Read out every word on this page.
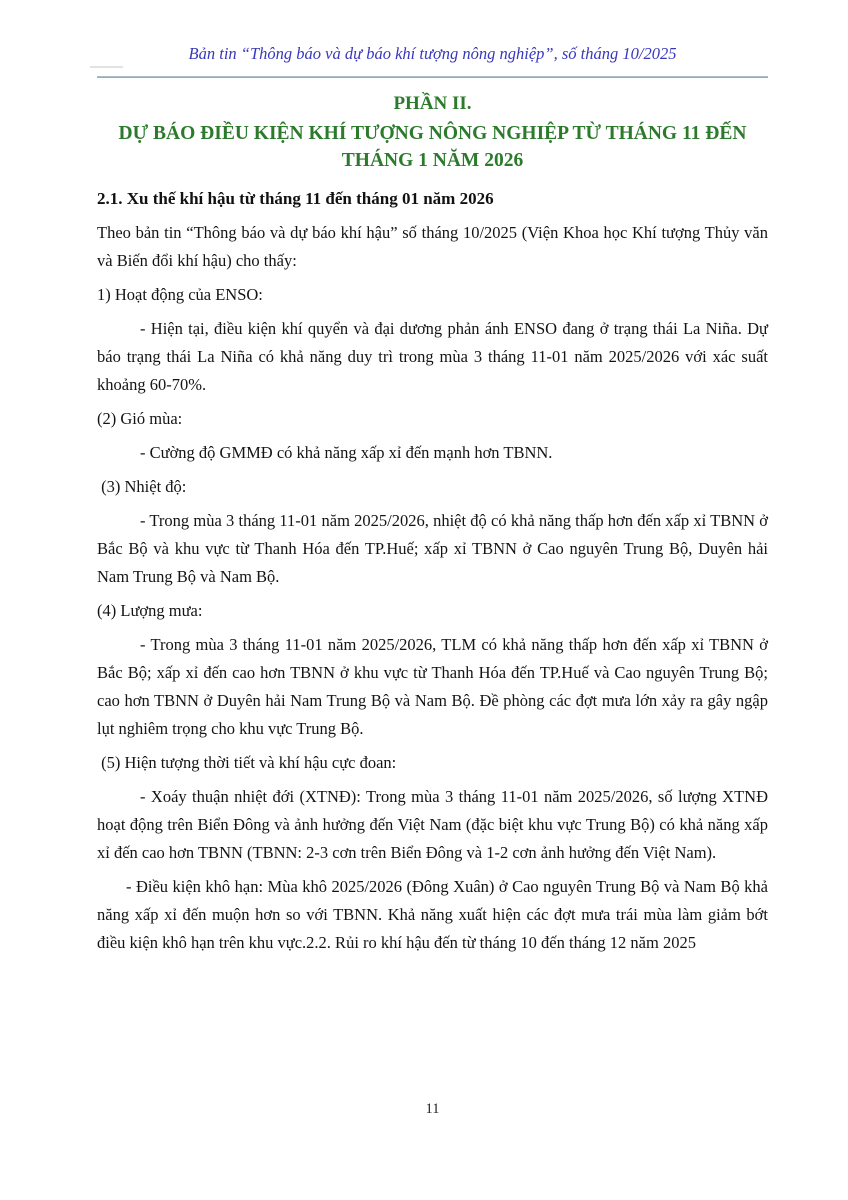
Bản tin “Thông báo và dự báo khí tượng nông nghiệp”, số tháng 10/2025
PHẦN II.
DỰ BÁO ĐIỀU KIỆN KHÍ TƯỢNG NÔNG NGHIỆP TỪ THÁNG 11 ĐẾN THÁNG 1 NĂM 2026
2.1. Xu thế khí hậu từ tháng 11 đến tháng 01 năm 2026

Theo bản tin “Thông báo và dự báo khí hậu” số tháng 10/2025 (Viện Khoa học Khí tượng Thủy văn và Biến đổi khí hậu) cho thấy:

1) Hoạt động của ENSO:

- Hiện tại, điều kiện khí quyển và đại dương phản ánh ENSO đang ở trạng thái La Niña. Dự báo trạng thái La Niña có khả năng duy trì trong mùa 3 tháng 11-01 năm 2025/2026 với xác suất khoảng 60-70%.

(2) Gió mùa:

- Cường độ GMMĐ có khả năng xấp xỉ đến mạnh hơn TBNN.

(3) Nhiệt độ:

- Trong mùa 3 tháng 11-01 năm 2025/2026, nhiệt độ có khả năng thấp hơn đến xấp xỉ TBNN ở Bắc Bộ và khu vực từ Thanh Hóa đến TP.Huế; xấp xỉ TBNN ở Cao nguyên Trung Bộ, Duyên hải Nam Trung Bộ và Nam Bộ.

(4) Lượng mưa:

- Trong mùa 3 tháng 11-01 năm 2025/2026, TLM có khả năng thấp hơn đến xấp xỉ TBNN ở Bắc Bộ; xấp xỉ đến cao hơn TBNN ở khu vực từ Thanh Hóa đến TP.Huế và Cao nguyên Trung Bộ; cao hơn TBNN ở Duyên hải Nam Trung Bộ và Nam Bộ. Đề phòng các đợt mưa lớn xảy ra gây ngập lụt nghiêm trọng cho khu vực Trung Bộ.

(5) Hiện tượng thời tiết và khí hậu cực đoan:

- Xoáy thuận nhiệt đới (XTNĐ): Trong mùa 3 tháng 11-01 năm 2025/2026, số lượng XTNĐ hoạt động trên Biển Đông và ảnh hưởng đến Việt Nam (đặc biệt khu vực Trung Bộ) có khả năng xấp xỉ đến cao hơn TBNN (TBNN: 2-3 cơn trên Biển Đông và 1-2 cơn ảnh hưởng đến Việt Nam).

- Điều kiện khô hạn: Mùa khô 2025/2026 (Đông Xuân) ở Cao nguyên Trung Bộ và Nam Bộ khả năng xấp xỉ đến muộn hơn so với TBNN. Khả năng xuất hiện các đợt mưa trái mùa làm giảm bớt điều kiện khô hạn trên khu vực.2.2. Rủi ro khí hậu đến từ tháng 10 đến tháng 12 năm 2025

11
